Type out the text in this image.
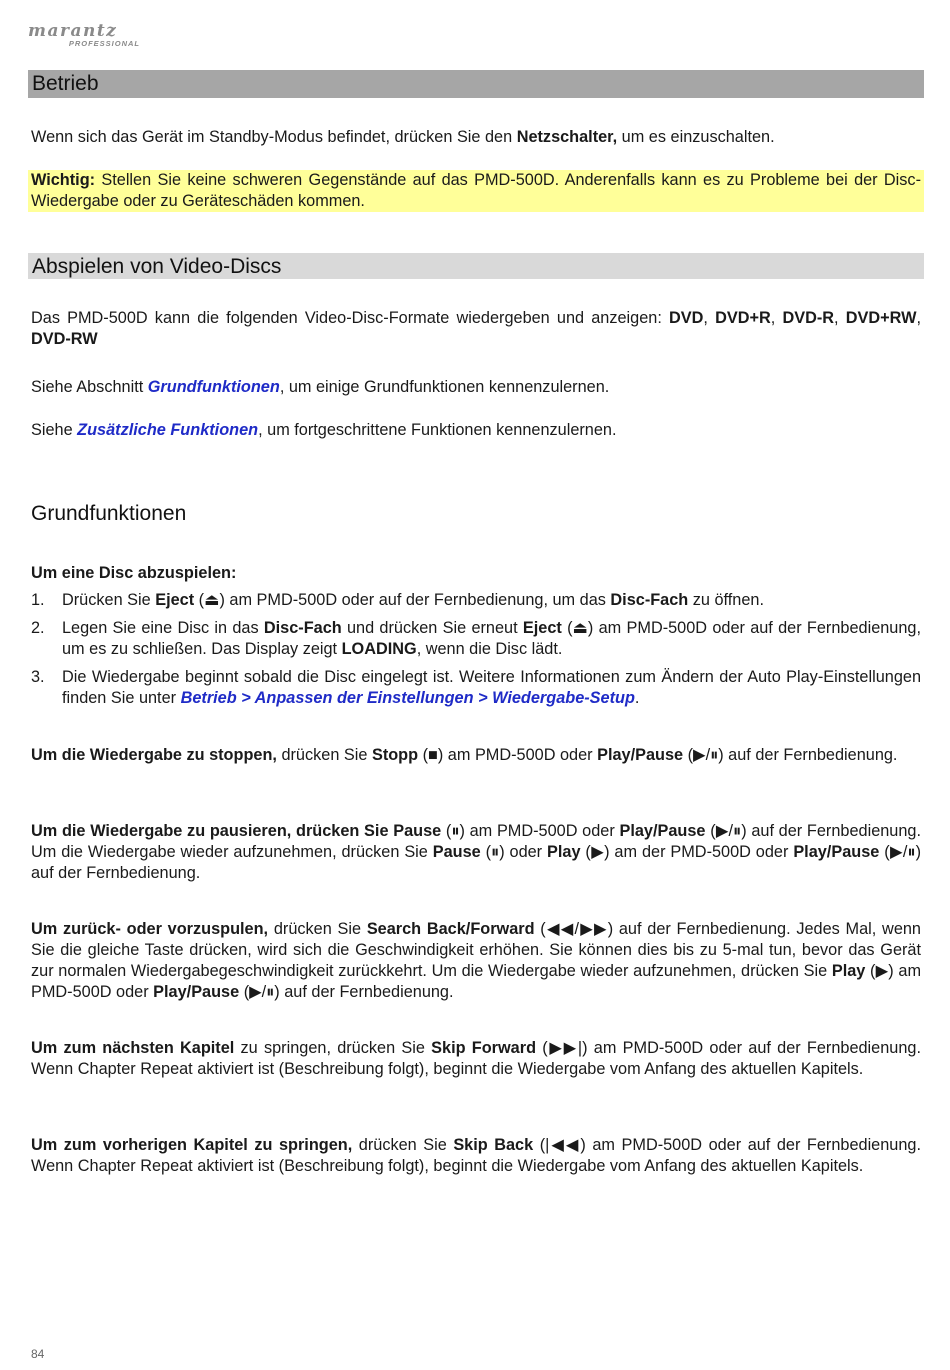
marantz
PROFESSIONAL
Betrieb

Wenn sich das Gerät im Standby-Modus befindet, drücken Sie den Netzschalter, um es einzuschalten.

Wichtig: Stellen Sie keine schweren Gegenstände auf das PMD-500D. Anderenfalls kann es zu Probleme bei der Disc-Wiedergabe oder zu Geräteschäden kommen.

Abspielen von Video-Discs

Das PMD-500D kann die folgenden Video-Disc-Formate wiedergeben und anzeigen: DVD, DVD+R, DVD-R, DVD+RW, DVD-RW

Siehe Abschnitt Grundfunktionen, um einige Grundfunktionen kennenzulernen.

Siehe Zusätzliche Funktionen, um fortgeschrittene Funktionen kennenzulernen.

Grundfunktionen

Um eine Disc abzuspielen:

1. Drücken Sie Eject (⏏) am PMD-500D oder auf der Fernbedienung, um das Disc-Fach zu öffnen.
2. Legen Sie eine Disc in das Disc-Fach und drücken Sie erneut Eject (⏏) am PMD-500D oder auf der Fernbedienung, um es zu schließen. Das Display zeigt LOADING, wenn die Disc lädt.
3. Die Wiedergabe beginnt sobald die Disc eingelegt ist. Weitere Informationen zum Ändern der Auto Play-Einstellungen finden Sie unter Betrieb > Anpassen der Einstellungen > Wiedergabe-Setup.

Um die Wiedergabe zu stoppen, drücken Sie Stopp (■) am PMD-500D oder Play/Pause (▶/⏸) auf der Fernbedienung.

Um die Wiedergabe zu pausieren, drücken Sie Pause (⏸) am PMD-500D oder Play/Pause (▶/⏸) auf der Fernbedienung. Um die Wiedergabe wieder aufzunehmen, drücken Sie Pause (⏸) oder Play (▶) am der PMD-500D oder Play/Pause (▶/⏸) auf der Fernbedienung.

Um zurück- oder vorzuspulen, drücken Sie Search Back/Forward (◀◀/▶▶) auf der Fernbedienung. Jedes Mal, wenn Sie die gleiche Taste drücken, wird sich die Geschwindigkeit erhöhen. Sie können dies bis zu 5-mal tun, bevor das Gerät zur normalen Wiedergabegeschwindigkeit zurückkehrt. Um die Wiedergabe wieder aufzunehmen, drücken Sie Play (▶) am PMD-500D oder Play/Pause (▶/⏸) auf der Fernbedienung.

Um zum nächsten Kapitel zu springen, drücken Sie Skip Forward (▶▶|) am PMD-500D oder auf der Fernbedienung. Wenn Chapter Repeat aktiviert ist (Beschreibung folgt), beginnt die Wiedergabe vom Anfang des aktuellen Kapitels.

Um zum vorherigen Kapitel zu springen, drücken Sie Skip Back (|◀◀) am PMD-500D oder auf der Fernbedienung. Wenn Chapter Repeat aktiviert ist (Beschreibung folgt), beginnt die Wiedergabe vom Anfang des aktuellen Kapitels.

84
